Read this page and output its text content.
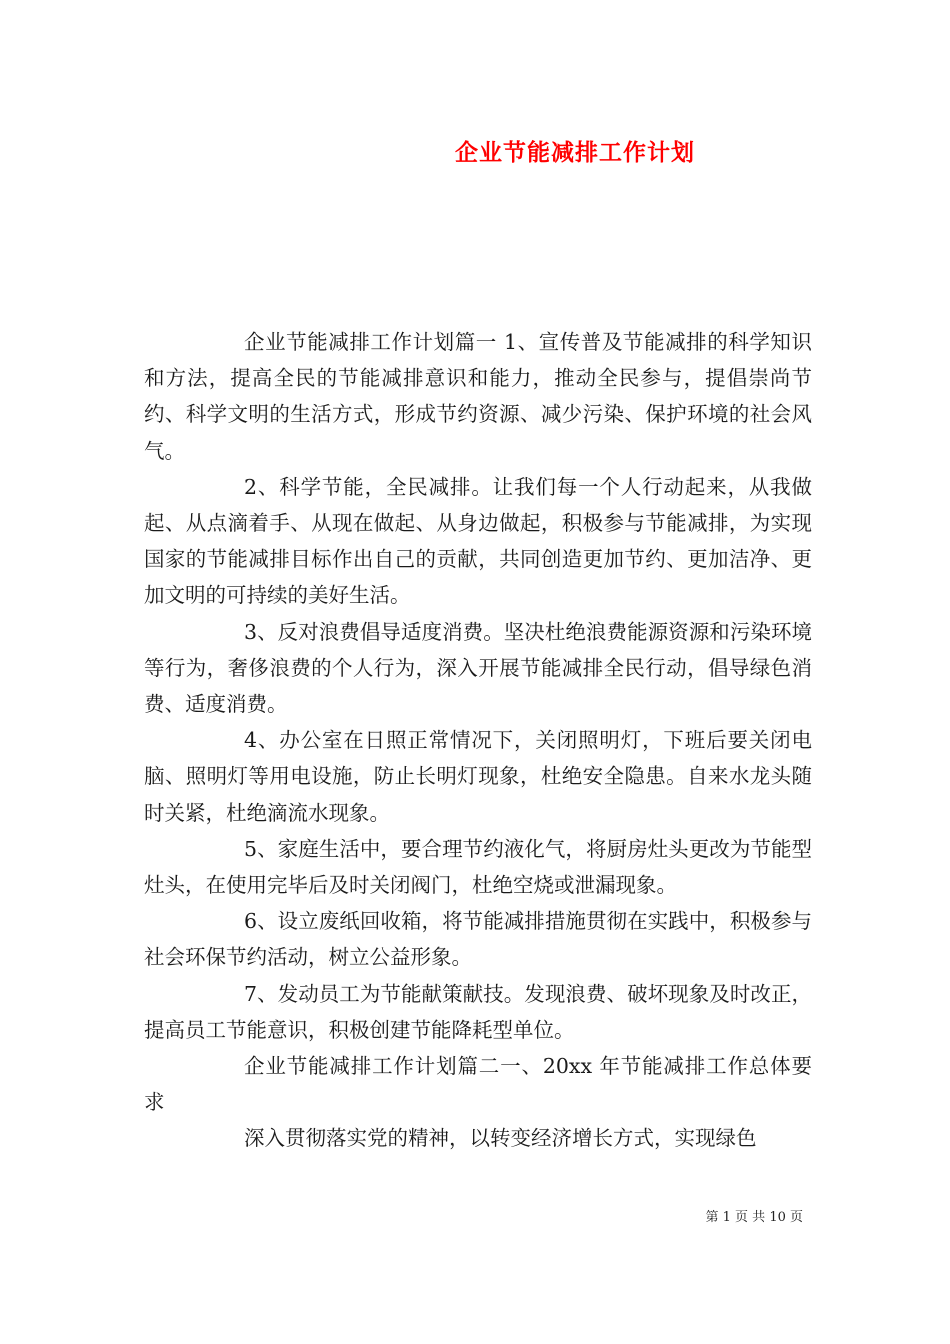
企业节能减排工作计划

企业节能减排工作计划篇一 1、宣传普及节能减排的科学知识和方法，提高全民的节能减排意识和能力，推动全民参与，提倡崇尚节约、科学文明的生活方式，形成节约资源、减少污染、保护环境的社会风气。

2、科学节能，全民减排。让我们每一个人行动起来，从我做起、从点滴着手、从现在做起、从身边做起，积极参与节能减排，为实现国家的节能减排目标作出自己的贡献，共同创造更加节约、更加洁净、更加文明的可持续的美好生活。

3、反对浪费倡导适度消费。坚决杜绝浪费能源资源和污染环境等行为，奢侈浪费的个人行为，深入开展节能减排全民行动，倡导绿色消费、适度消费。

4、办公室在日照正常情况下，关闭照明灯，下班后要关闭电脑、照明灯等用电设施，防止长明灯现象，杜绝安全隐患。自来水龙头随时关紧，杜绝滴流水现象。

5、家庭生活中，要合理节约液化气，将厨房灶头更改为节能型灶头，在使用完毕后及时关闭阀门，杜绝空烧或泄漏现象。

6、设立废纸回收箱，将节能减排措施贯彻在实践中，积极参与社会环保节约活动，树立公益形象。

7、发动员工为节能献策献技。发现浪费、破坏现象及时改正，提高员工节能意识，积极创建节能降耗型单位。

企业节能减排工作计划篇二一、20xx 年节能减排工作总体要求

深入贯彻落实党的精神，以转变经济增长方式，实现绿色

第 1 页 共 10 页
